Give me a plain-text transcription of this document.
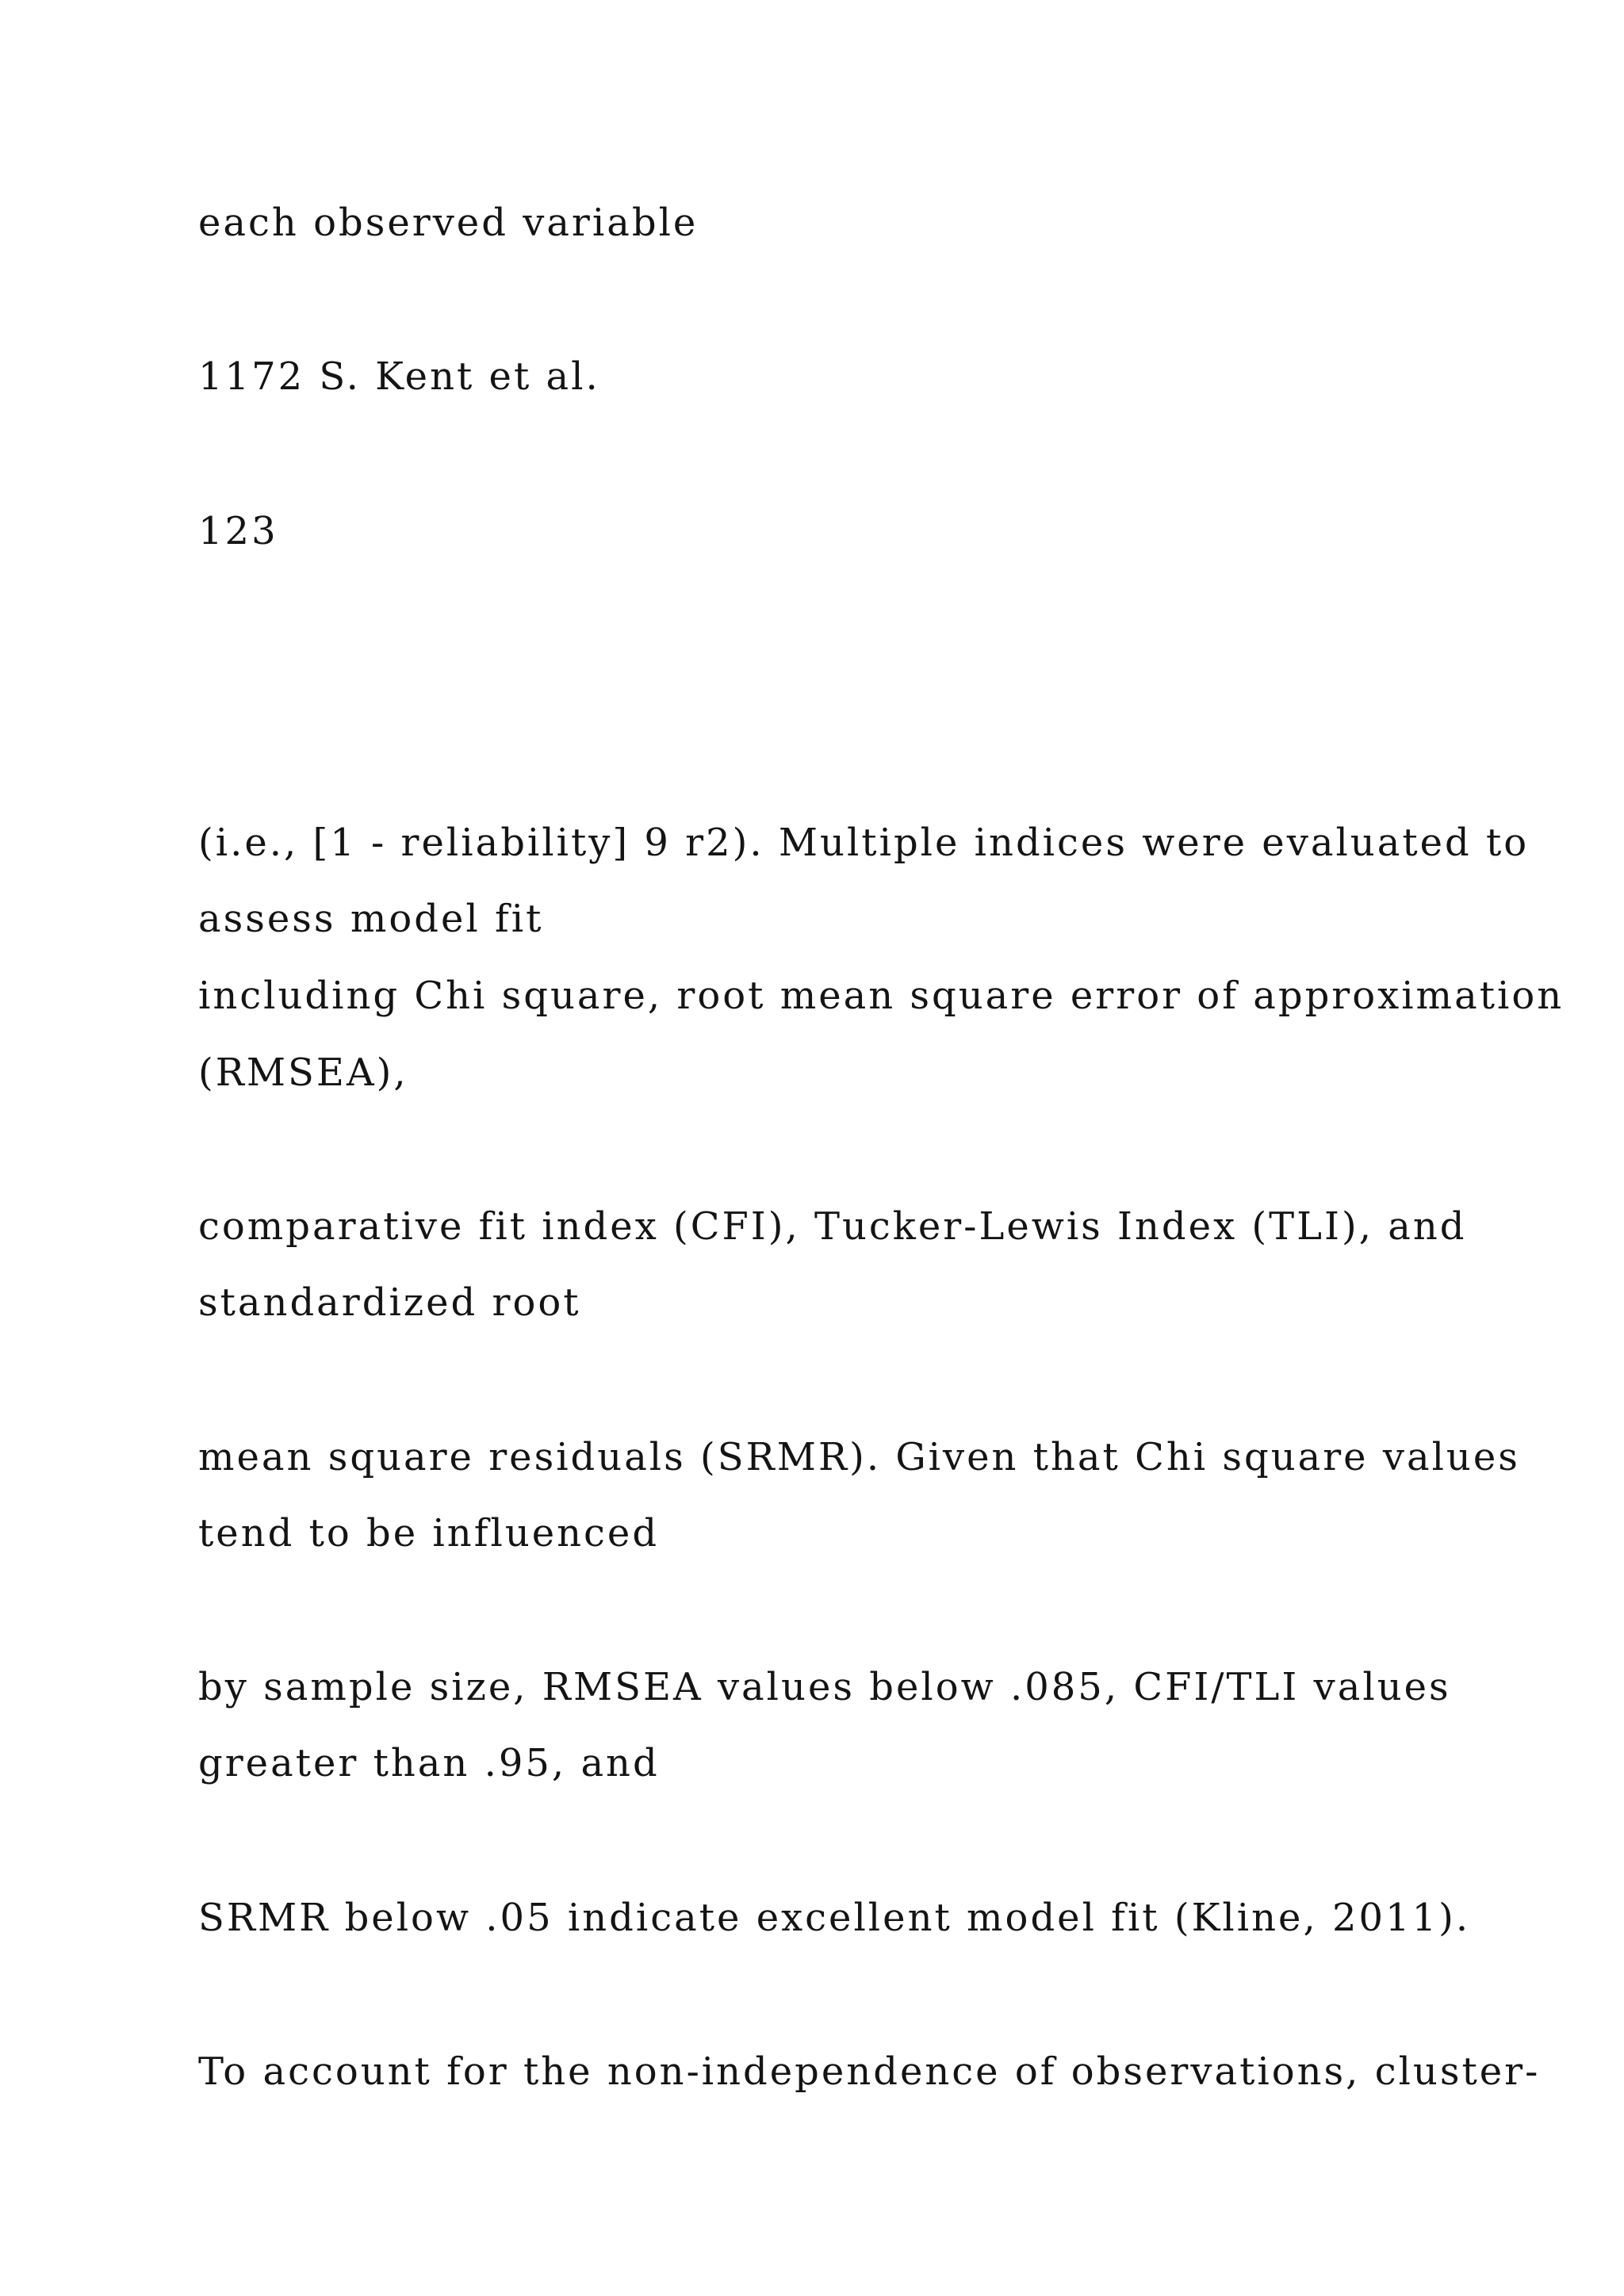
each observed variable

1172 S. Kent et al.

123

(i.e., [1 - reliability] 9 r2). Multiple indices were evaluated to

assess model fit

including Chi square, root mean square error of approximation

(RMSEA),

comparative fit index (CFI), Tucker-Lewis Index (TLI), and

standardized root

mean square residuals (SRMR). Given that Chi square values

tend to be influenced

by sample size, RMSEA values below .085, CFI/TLI values

greater than .95, and

SRMR below .05 indicate excellent model fit (Kline, 2011).

To account for the non-independence of observations, cluster-
